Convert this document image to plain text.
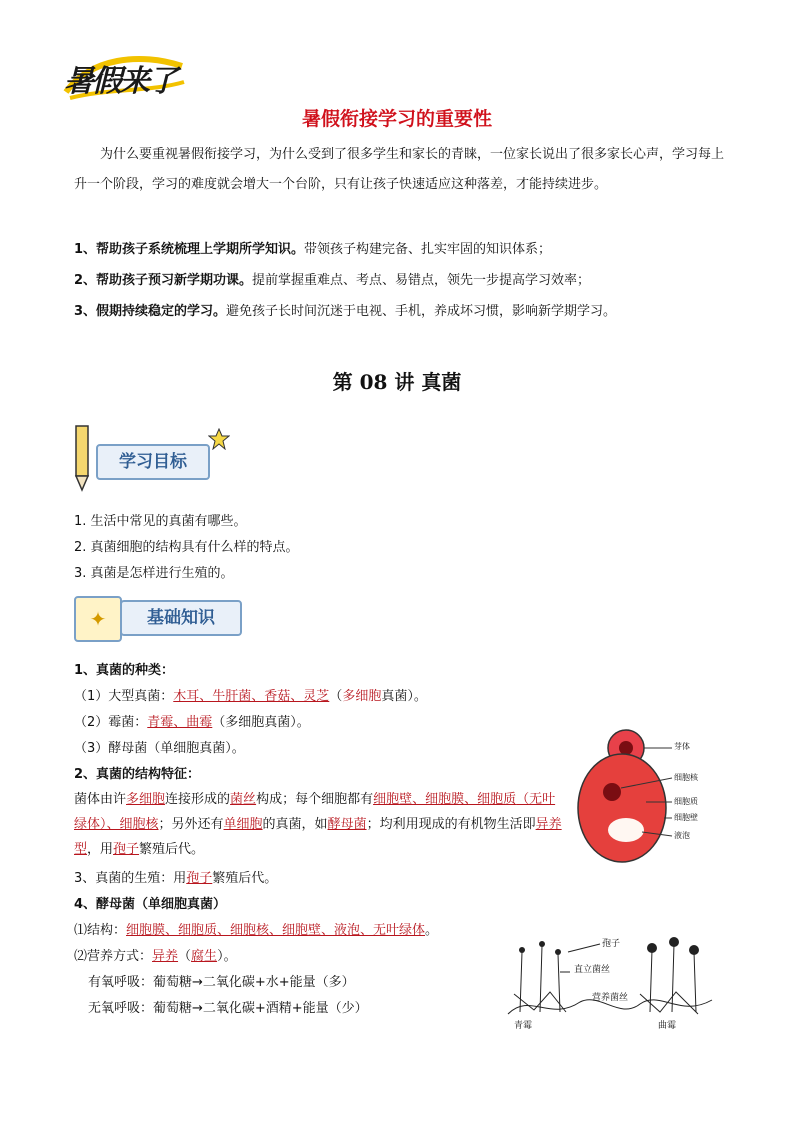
暑假来了
暑假衔接学习的重要性
为什么要重视暑假衔接学习，为什么受到了很多学生和家长的青睐，一位家长说出了很多家长心声，学习每上升一个阶段，学习的难度就会增大一个台阶，只有让孩子快速适应这种落差，才能持续进步。
1、帮助孩子系统梳理上学期所学知识。带领孩子构建完备、扎实牢固的知识体系；
2、帮助孩子预习新学期功课。提前掌握重难点、考点、易错点，领先一步提高学习效率；
3、假期持续稳定的学习。避免孩子长时间沉迷于电视、手机，养成坏习惯，影响新学期学习。
第 08 讲 真菌
学习目标
1. 生活中常见的真菌有哪些。
2. 真菌细胞的结构具有什么样的特点。
3. 真菌是怎样进行生殖的。
✦	基础知识
1、真菌的种类：
（1）大型真菌：木耳、牛肝菌、香菇、灵芝（多细胞真菌）。
（2）霉菌：青霉、曲霉（多细胞真菌）。
（3）酵母菌（单细胞真菌）。
2、真菌的结构特征：
菌体由许多细胞连接形成的菌丝构成；每个细胞都有细胞壁、细胞膜、细胞质（无叶绿体）、细胞核；另外还有单细胞的真菌，如酵母菌；均利用现成的有机物生活即异养型，用孢子繁殖后代。
3、真菌的生殖：用孢子繁殖后代。
4、酵母菌（单细胞真菌）
⑴结构：细胞膜、细胞质、细胞核、细胞壁、液泡、无叶绿体。
⑵营养方式：异养（腐生）。
有氧呼吸：葡萄糖→二氧化碳+水+能量（多）
无氧呼吸：葡萄糖→二氧化碳+酒精+能量（少）
芽体
细胞核
细胞质
细胞壁
液泡
孢子
直立菌丝
营养菌丝
青霉	曲霉
